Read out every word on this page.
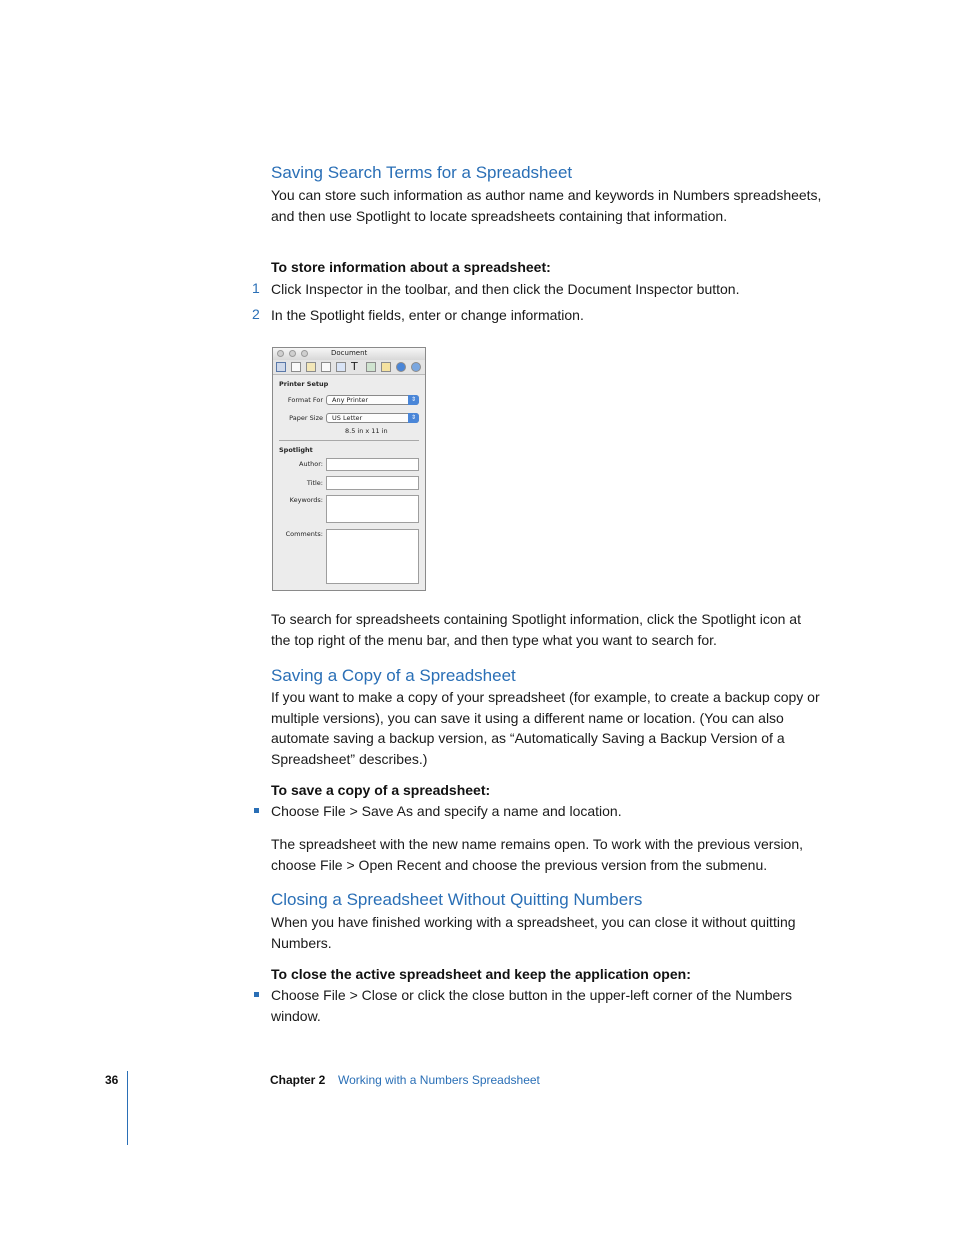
Saving Search Terms for a Spreadsheet

You can store such information as author name and keywords in Numbers spreadsheets, and then use Spotlight to locate spreadsheets containing that information.

To store information about a spreadsheet:
1 Click Inspector in the toolbar, and then click the Document Inspector button.

2 In the Spotlight fields, enter or change information.

Document
T
Printer Setup
Format For Any Printer	⇕
Paper Size US Letter	⇕
8.5 in x 11 in
Spotlight
Author:
Title:
Keywords:
Comments:

To search for spreadsheets containing Spotlight information, click the Spotlight icon at the top right of the menu bar, and then type what you want to search for.

Saving a Copy of a Spreadsheet

If you want to make a copy of your spreadsheet (for example, to create a backup copy or multiple versions), you can save it using a different name or location. (You can also automate saving a backup version, as “Automatically Saving a Backup Version of a Spreadsheet” describes.)

To save a copy of a spreadsheet:

Choose File > Save As and specify a name and location.

The spreadsheet with the new name remains open. To work with the previous version, choose File > Open Recent and choose the previous version from the submenu.

Closing a Spreadsheet Without Quitting Numbers

When you have finished working with a spreadsheet, you can close it without quitting Numbers.

To close the active spreadsheet and keep the application open:

Choose File > Close or click the close button in the upper-left corner of the Numbers window.

36	Chapter 2 Working with a Numbers Spreadsheet
